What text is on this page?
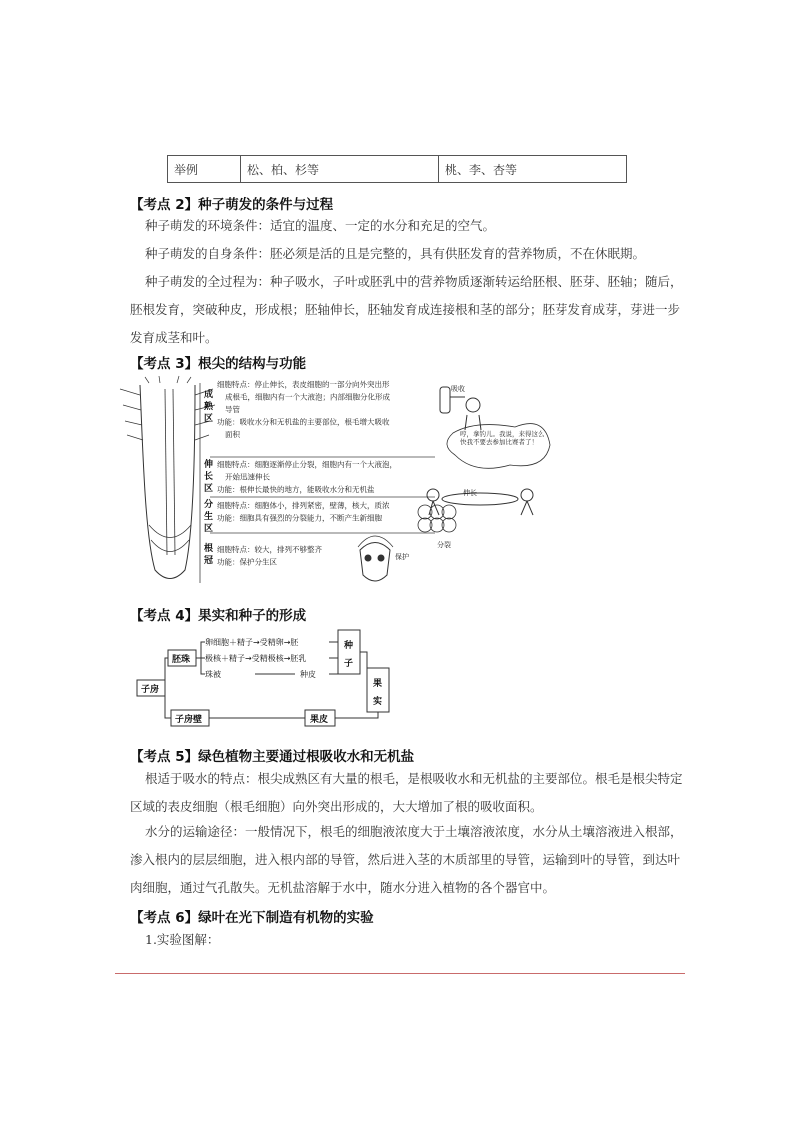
举例	松、柏、杉等	桃、李、杏等
【考点 2】种子萌发的条件与过程
种子萌发的环境条件：适宜的温度、一定的水分和充足的空气。
种子萌发的自身条件：胚必须是活的且是完整的，具有供胚发育的营养物质，不在休眠期。
种子萌发的全过程为：种子吸水，子叶或胚乳中的营养物质逐渐转运给胚根、胚芽、胚轴；随后，胚根发育，突破种皮，形成根；胚轴伸长，胚轴发育成连接根和茎的部分；胚芽发育成芽，芽进一步发育成茎和叶。
【考点 3】根尖的结构与功能
成熟区
伸长区
分生区
根冠
细胞特点：停止伸长，表皮细胞的一部分向外突出形
成根毛，细胞内有一个大液泡；内部细胞分化形成
导管
功能：吸收水分和无机盐的主要部位，根毛增大吸收
面积
细胞特点：细胞逐渐停止分裂，细胞内有一个大液泡，
开始迅速伸长
功能：根伸长最快的地方，能吸收水分和无机盐
细胞特点：细胞体小，排列紧密，壁薄，核大，质浓
功能：细胞具有强烈的分裂能力，不断产生新细胞
细胞特点：较大，排列不够整齐
功能：保护分生区
吸收
伸长
分裂
保护
哼，拿钓儿。我说，来得这么快我不要去参加比赛者了！
【考点 4】果实和种子的形成
子房
胚珠
子房壁	果皮
种
子
果
实
卵细胞＋精子→受精卵→胚
极核＋精子→受精极核→胚乳
珠被	种皮
【考点 5】绿色植物主要通过根吸收水和无机盐
根适于吸水的特点：根尖成熟区有大量的根毛，是根吸收水和无机盐的主要部位。根毛是根尖特定区域的表皮细胞（根毛细胞）向外突出形成的，大大增加了根的吸收面积。
水分的运输途径：一般情况下，根毛的细胞液浓度大于土壤溶液浓度，水分从土壤溶液进入根部，渗入根内的层层细胞，进入根内部的导管，然后进入茎的木质部里的导管，运输到叶的导管，到达叶肉细胞，通过气孔散失。无机盐溶解于水中，随水分进入植物的各个器官中。
【考点 6】绿叶在光下制造有机物的实验
1.实验图解：
